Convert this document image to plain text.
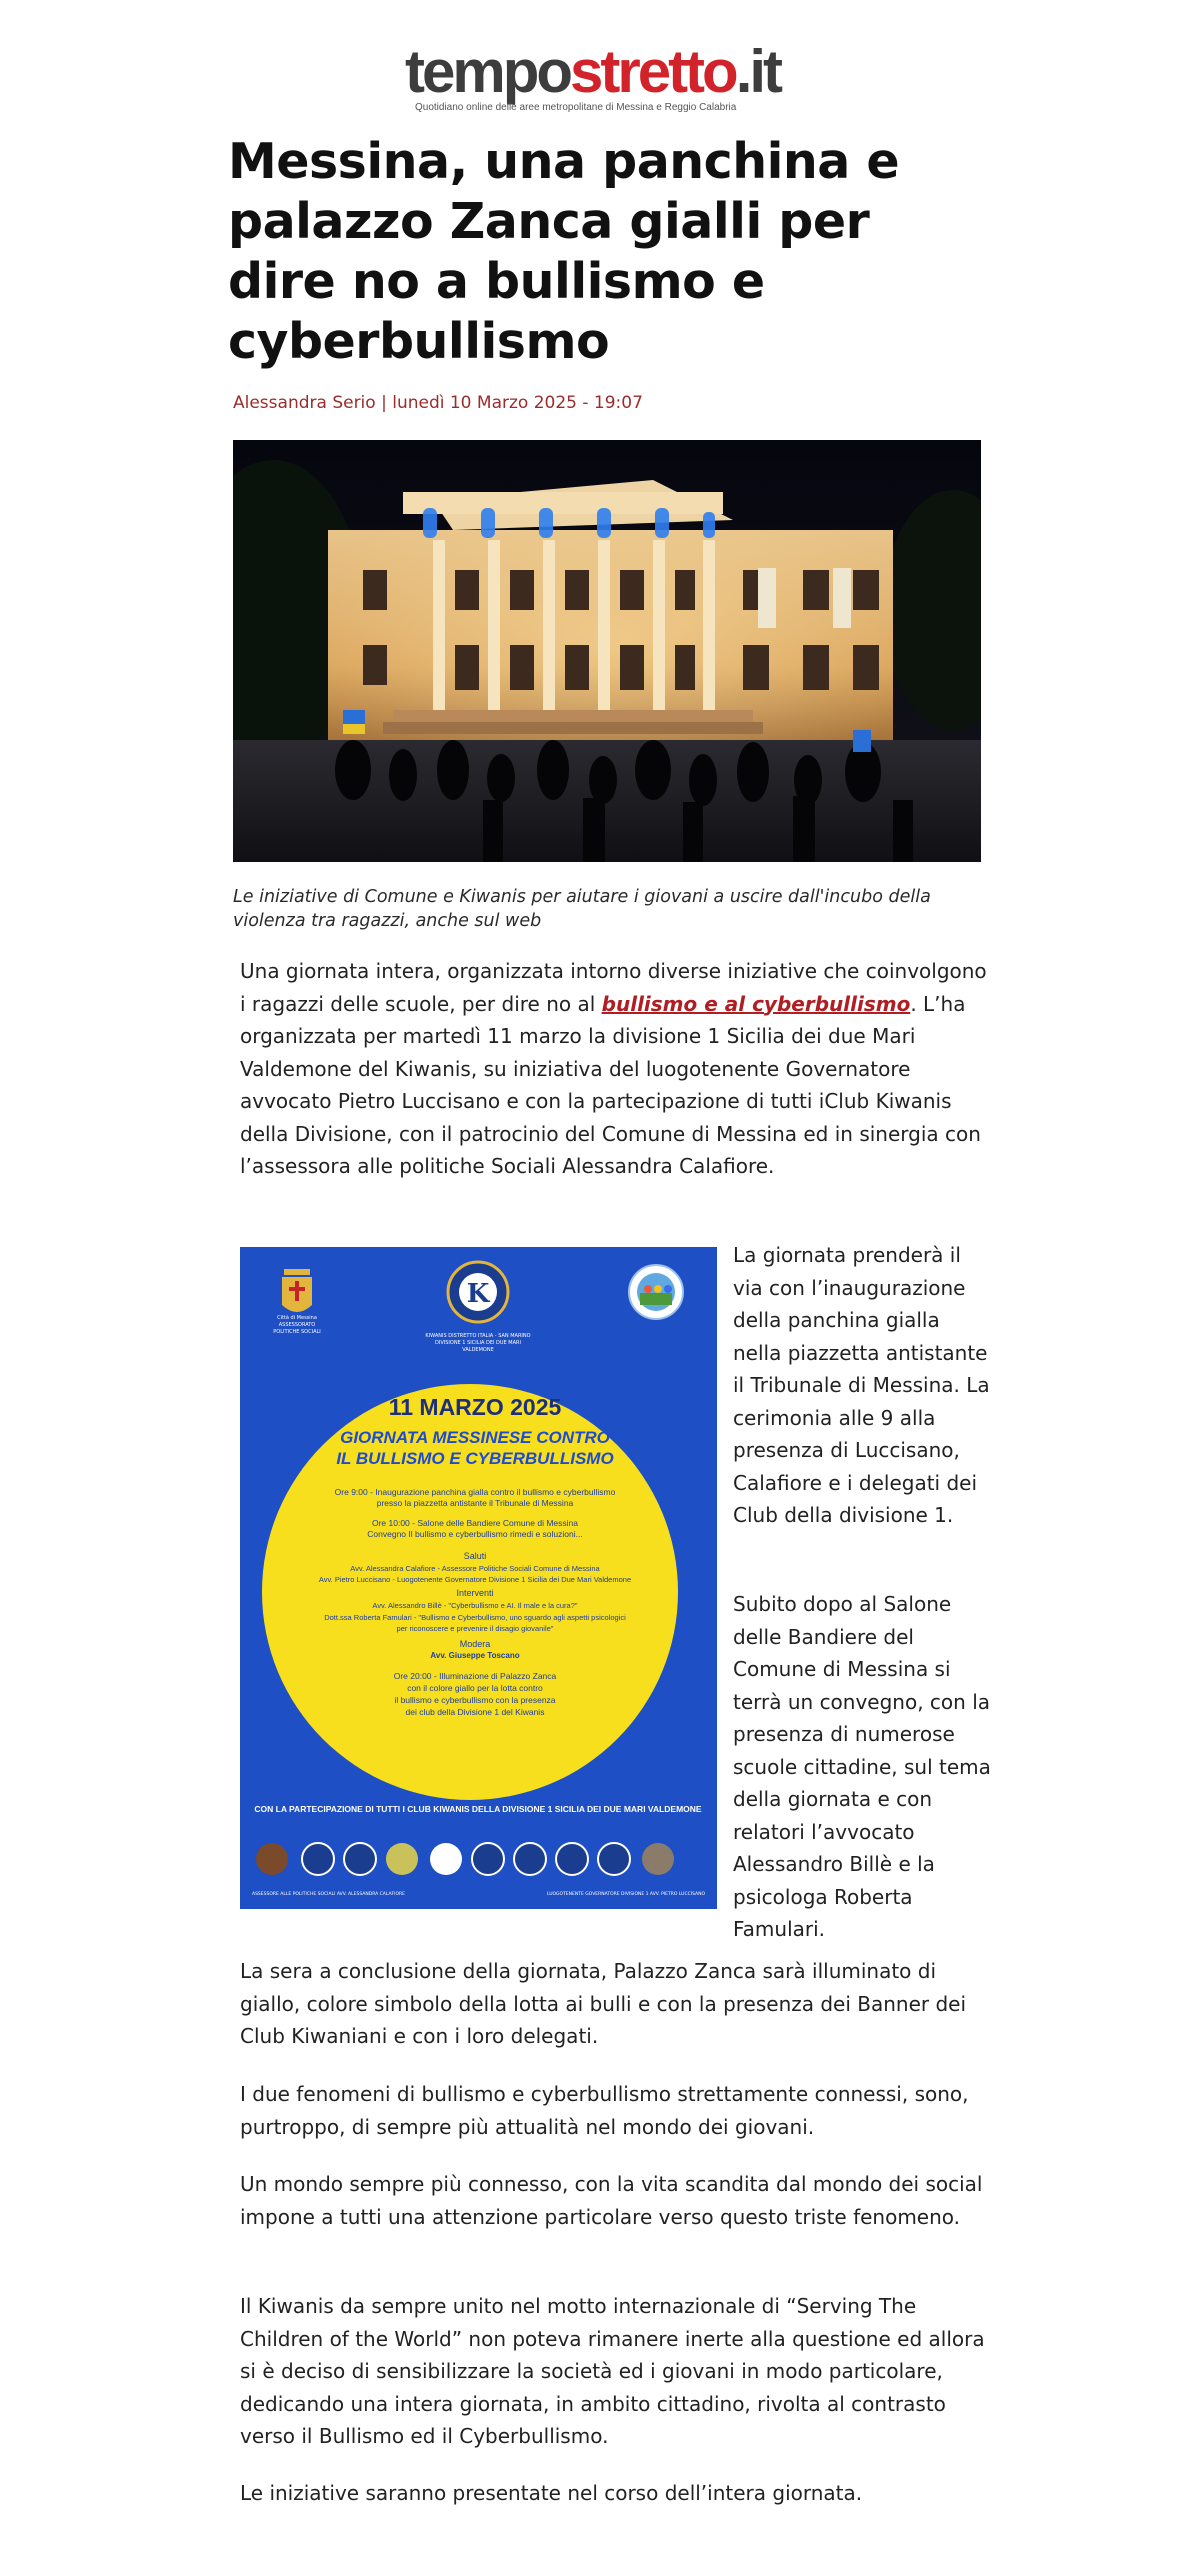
tempostretto.it
Quotidiano online delle aree metropolitane di Messina e Reggio Calabria
Messina, una panchina e palazzo Zanca gialli per dire no a bullismo e cyberbullismo
Alessandra Serio | lunedì 10 Marzo 2025 - 19:07

Le iniziative di Comune e Kiwanis per aiutare i giovani a uscire dall'incubo della violenza tra ragazzi, anche sul web

Una giornata intera, organizzata intorno diverse iniziative che coinvolgono i ragazzi delle scuole, per dire no al bullismo e al cyberbullismo. L’ha organizzata per martedì 11 marzo la divisione 1 Sicilia dei due Mari Valdemone del Kiwanis, su iniziativa del luogotenente Governatore avvocato Pietro Luccisano e con la partecipazione di tutti iClub Kiwanis della Divisione, con il patrocinio del Comune di Messina ed in sinergia con l’assessora alle politiche Sociali Alessandra Calafiore.

Città di Messina
ASSESSORATO
POLITICHE SOCIALI
K
KIWANIS DISTRETTO ITALIA - SAN MARINO
DIVISIONE 1 SICILIA DEI DUE MARI
VALDEMONE
11 MARZO 2025
GIORNATA MESSINESE CONTRO
IL BULLISMO E CYBERBULLISMO
Ore 9:00 - Inaugurazione panchina gialla contro il bullismo e cyberbullismo
presso la piazzetta antistante il Tribunale di Messina
Ore 10:00 - Salone delle Bandiere Comune di Messina
Convegno Il bullismo e cyberbullismo rimedi e soluzioni...
Saluti
Avv. Alessandra Calafiore - Assessore Politiche Sociali Comune di Messina
Avv. Pietro Luccisano - Luogotenente Governatore Divisione 1 Sicilia dei Due Mari Valdemone
Interventi
Avv. Alessandro Billè - "Cyberbullismo e AI. Il male e la cura?"
Dott.ssa Roberta Famulari - "Bullismo e Cyberbullismo, uno sguardo agli aspetti psicologici
per riconoscere e prevenire il disagio giovanile"
Modera
Avv. Giuseppe Toscano
Ore 20:00 - Illuminazione di Palazzo Zanca
con il colore giallo per la lotta contro
il bullismo e cyberbullismo con la presenza
dei club della Divisione 1 del Kiwanis
CON LA PARTECIPAZIONE DI TUTTI I CLUB KIWANIS DELLA DIVISIONE 1 SICILIA DEI DUE MARI VALDEMONE
ASSESSORE ALLE POLITICHE SOCIALI AVV. ALESSANDRA CALAFIORE	LUOGOTENENTE GOVERNATORE DIVISIONE 1 AVV. PIETRO LUCCISANO

La giornata prenderà il via con l’inaugurazione della panchina gialla nella piazzetta antistante il Tribunale di Messina. La cerimonia alle 9 alla presenza di Luccisano, Calafiore e i delegati dei Club della divisione 1.

Subito dopo al Salone delle Bandiere del Comune di Messina si terrà un convegno, con la presenza di numerose scuole cittadine, sul tema della giornata e con relatori l’avvocato Alessandro Billè e la psicologa Roberta Famulari.

La sera a conclusione della giornata, Palazzo Zanca sarà illuminato di giallo, colore simbolo della lotta ai bulli e con la presenza dei Banner dei Club Kiwaniani e con i loro delegati.

I due fenomeni di bullismo e cyberbullismo strettamente connessi, sono, purtroppo, di sempre più attualità nel mondo dei giovani.

Un mondo sempre più connesso, con la vita scandita dal mondo dei social impone a tutti una attenzione particolare verso questo triste fenomeno.

Il Kiwanis da sempre unito nel motto internazionale di “Serving The Children of the World” non poteva rimanere inerte alla questione ed allora si è deciso di sensibilizzare la società ed i giovani in modo particolare, dedicando una intera giornata, in ambito cittadino, rivolta al contrasto verso il Bullismo ed il Cyberbullismo.

Le iniziative saranno presentate nel corso dell’intera giornata.
